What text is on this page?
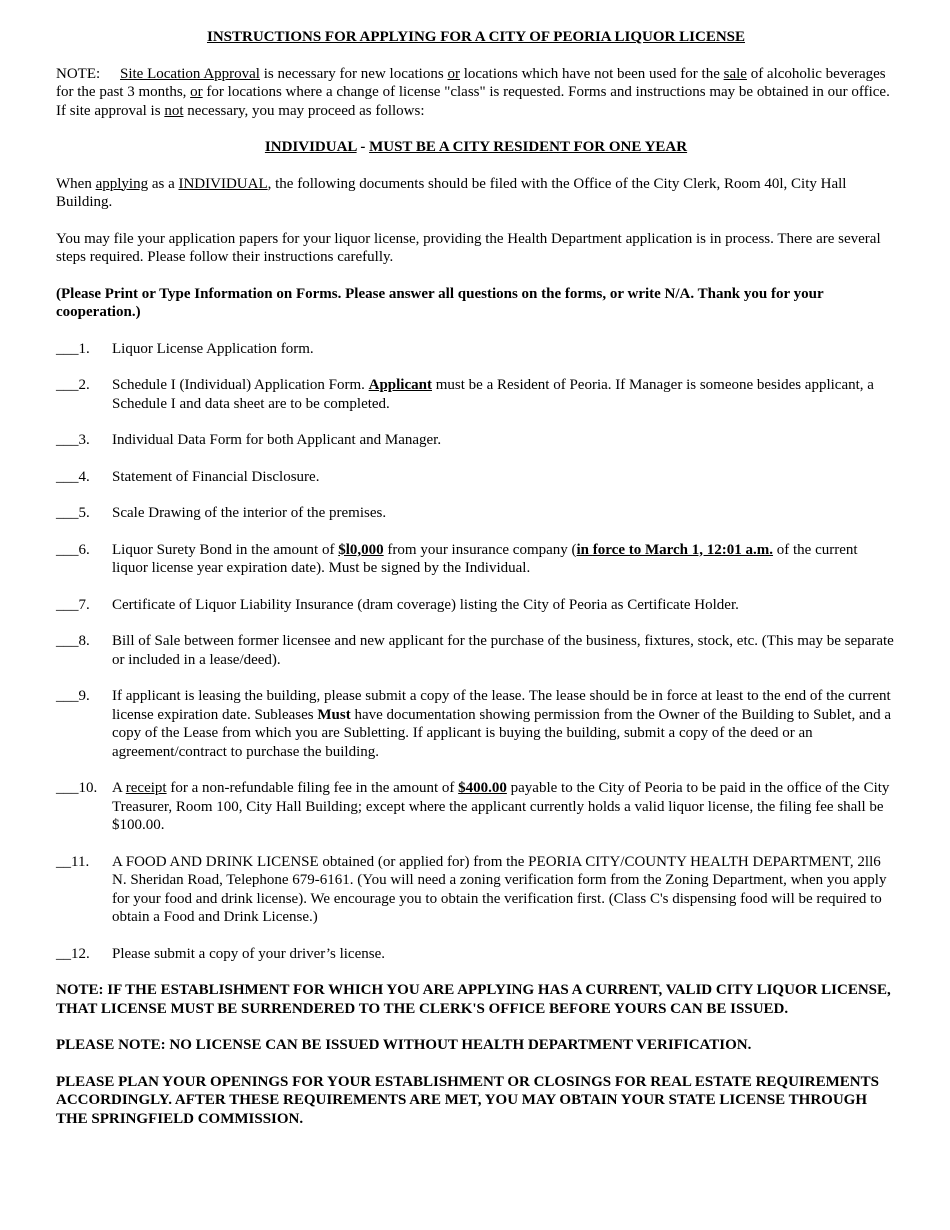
INSTRUCTIONS FOR APPLYING FOR A CITY OF PEORIA LIQUOR LICENSE

NOTE: Site Location Approval is necessary for new locations or locations which have not been used for the sale of alcoholic beverages for the past 3 months, or for locations where a change of license "class" is requested. Forms and instructions may be obtained in our office. If site approval is not necessary, you may proceed as follows:

INDIVIDUAL - MUST BE A CITY RESIDENT FOR ONE YEAR

When applying as a INDIVIDUAL, the following documents should be filed with the Office of the City Clerk, Room 40l, City Hall Building.

You may file your application papers for your liquor license, providing the Health Department application is in process. There are several steps required. Please follow their instructions carefully.

(Please Print or Type Information on Forms. Please answer all questions on the forms, or write N/A. Thank you for your cooperation.)

___1.	Liquor License Application form.
___2.	Schedule I (Individual) Application Form. Applicant must be a Resident of Peoria. If Manager is someone besides applicant, a Schedule I and data sheet are to be completed.
___3.	Individual Data Form for both Applicant and Manager.
___4.	Statement of Financial Disclosure.
___5.	Scale Drawing of the interior of the premises.
___6.	Liquor Surety Bond in the amount of $l0,000 from your insurance company (in force to March 1, 12:01 a.m. of the current liquor license year expiration date). Must be signed by the Individual.
___7.	Certificate of Liquor Liability Insurance (dram coverage) listing the City of Peoria as Certificate Holder.
___8.	Bill of Sale between former licensee and new applicant for the purchase of the business, fixtures, stock, etc. (This may be separate or included in a lease/deed).
___9.	If applicant is leasing the building, please submit a copy of the lease. The lease should be in force at least to the end of the current license expiration date. Subleases Must have documentation showing permission from the Owner of the Building to Sublet, and a copy of the Lease from which you are Subletting. If applicant is buying the building, submit a copy of the deed or an agreement/contract to purchase the building.
___10. A receipt for a non-refundable filing fee in the amount of $400.00 payable to the City of Peoria to be paid in the office of the City Treasurer, Room 100, City Hall Building; except where the applicant currently holds a valid liquor license, the filing fee shall be $100.00.
__11.	A FOOD AND DRINK LICENSE obtained (or applied for) from the PEORIA CITY/COUNTY HEALTH DEPARTMENT, 2ll6 N. Sheridan Road, Telephone 679-6161. (You will need a zoning verification form from the Zoning Department, when you apply for your food and drink license). We encourage you to obtain the verification first. (Class C's dispensing food will be required to obtain a Food and Drink License.)
__12.	Please submit a copy of your driver’s license.

NOTE: IF THE ESTABLISHMENT FOR WHICH YOU ARE APPLYING HAS A CURRENT, VALID CITY LIQUOR LICENSE, THAT LICENSE MUST BE SURRENDERED TO THE CLERK'S OFFICE BEFORE YOURS CAN BE ISSUED.

PLEASE NOTE: NO LICENSE CAN BE ISSUED WITHOUT HEALTH DEPARTMENT VERIFICATION.

PLEASE PLAN YOUR OPENINGS FOR YOUR ESTABLISHMENT OR CLOSINGS FOR REAL ESTATE REQUIREMENTS ACCORDINGLY. AFTER THESE REQUIREMENTS ARE MET, YOU MAY OBTAIN YOUR STATE LICENSE THROUGH THE SPRINGFIELD COMMISSION.
